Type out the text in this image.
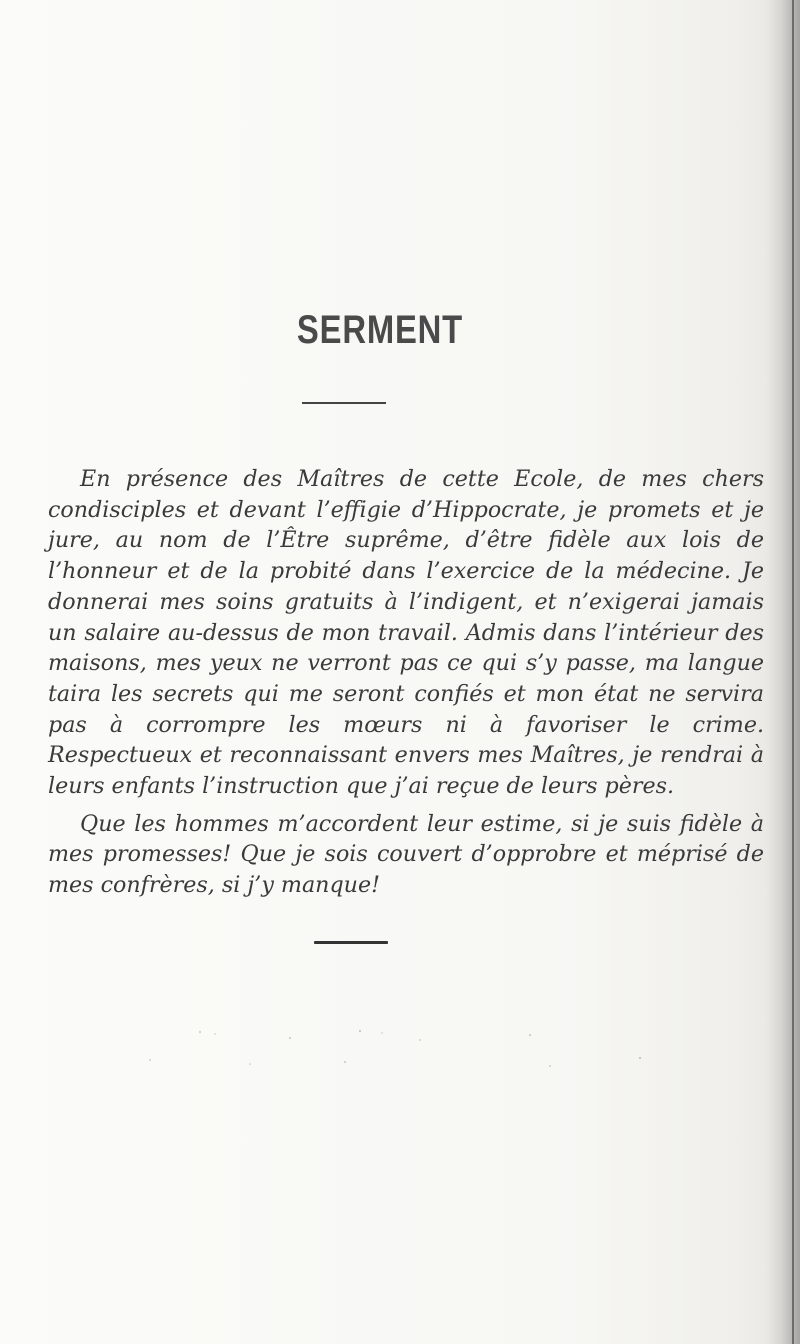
SERMENT

En présence des Maîtres de cette Ecole, de mes chers condisciples et devant l’effigie d’Hippocrate, je promets et je jure, au nom de l’Être suprême, d’être fidèle aux lois de l’honneur et de la probité dans l’exercice de la médecine. Je donnerai mes soins gratuits à l’indigent, et n’exigerai jamais un salaire au-dessus de mon travail. Admis dans l’intérieur des maisons, mes yeux ne verront pas ce qui s’y passe, ma langue taira les secrets qui me seront confiés et mon état ne servira pas à corrompre les mœurs ni à favoriser le crime. Respectueux et reconnaissant envers mes Maîtres, je rendrai à leurs enfants l’instruction que j’ai reçue de leurs pères.

Que les hommes m’accordent leur estime, si je suis fidèle à mes promesses! Que je sois couvert d’opprobre et méprisé de mes confrères, si j’y manque!
